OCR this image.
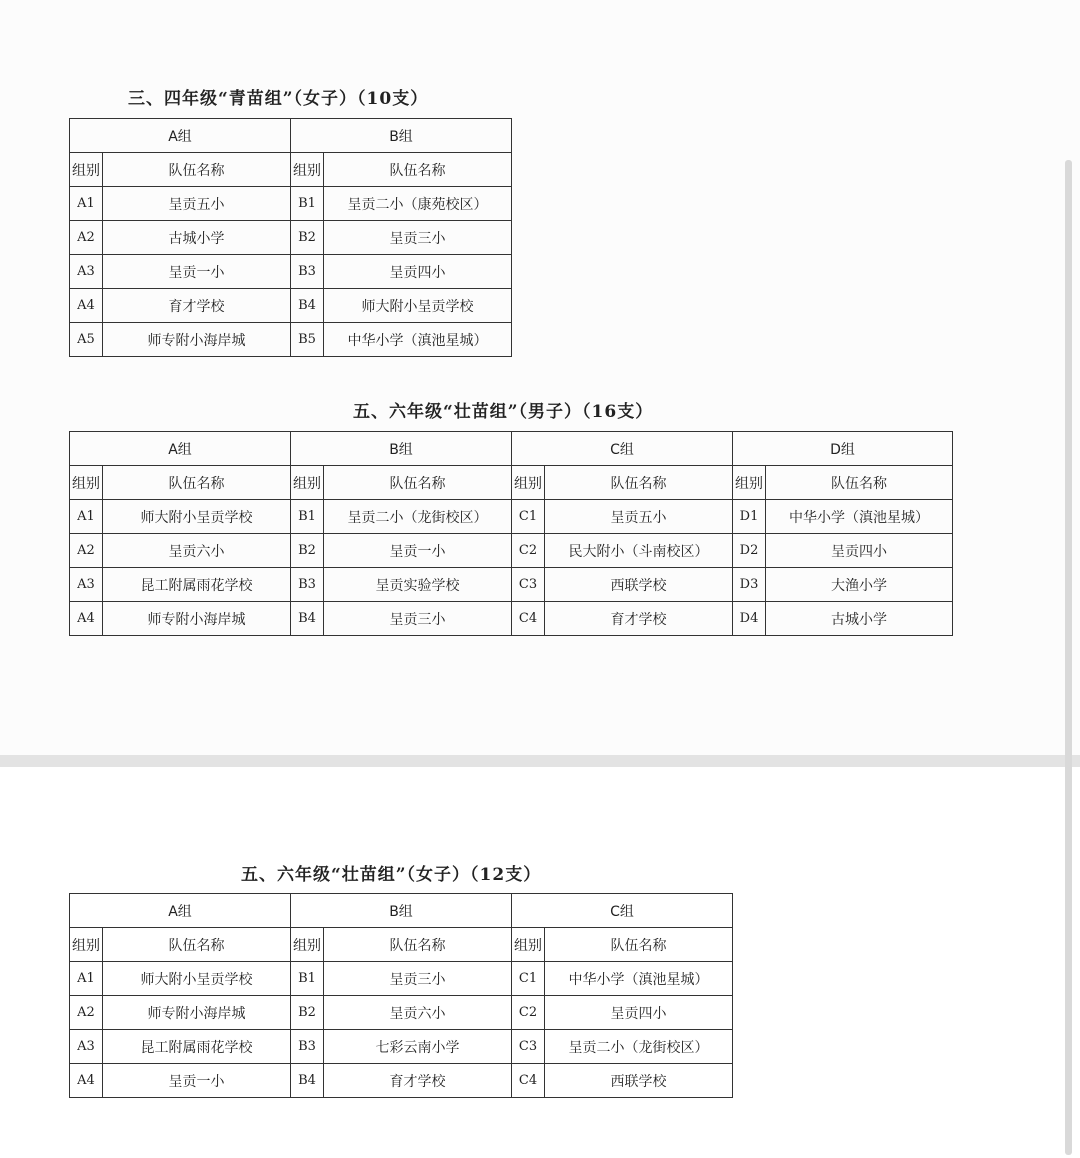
三、四年级“青苗组”（女子）（10支）
A组		B组	
组别	队伍名称	组别	队伍名称
A1	呈贡五小	B1	呈贡二小（康苑校区）
A2	古城小学	B2	呈贡三小
A3	呈贡一小	B3	呈贡四小
A4	育才学校	B4	师大附小呈贡学校
A5	师专附小海岸城	B5	中华小学（滇池星城）
五、六年级“壮苗组”（男子）（16支）
A组		B组		C组		D组	
组别	队伍名称	组别	队伍名称	组别	队伍名称	组别	队伍名称
A1	师大附小呈贡学校	B1	呈贡二小（龙街校区）	C1	呈贡五小	D1	中华小学（滇池星城）
A2	呈贡六小	B2	呈贡一小	C2	民大附小（斗南校区）	D2	呈贡四小
A3	昆工附属雨花学校	B3	呈贡实验学校	C3	西联学校	D3	大渔小学
A4	师专附小海岸城	B4	呈贡三小	C4	育才学校	D4	古城小学
五、六年级“壮苗组”（女子）（12支）
A组		B组		C组	
组别	队伍名称	组别	队伍名称	组别	队伍名称
A1	师大附小呈贡学校	B1	呈贡三小	C1	中华小学（滇池星城）
A2	师专附小海岸城	B2	呈贡六小	C2	呈贡四小
A3	昆工附属雨花学校	B3	七彩云南小学	C3	呈贡二小（龙街校区）
A4	呈贡一小	B4	育才学校	C4	西联学校
